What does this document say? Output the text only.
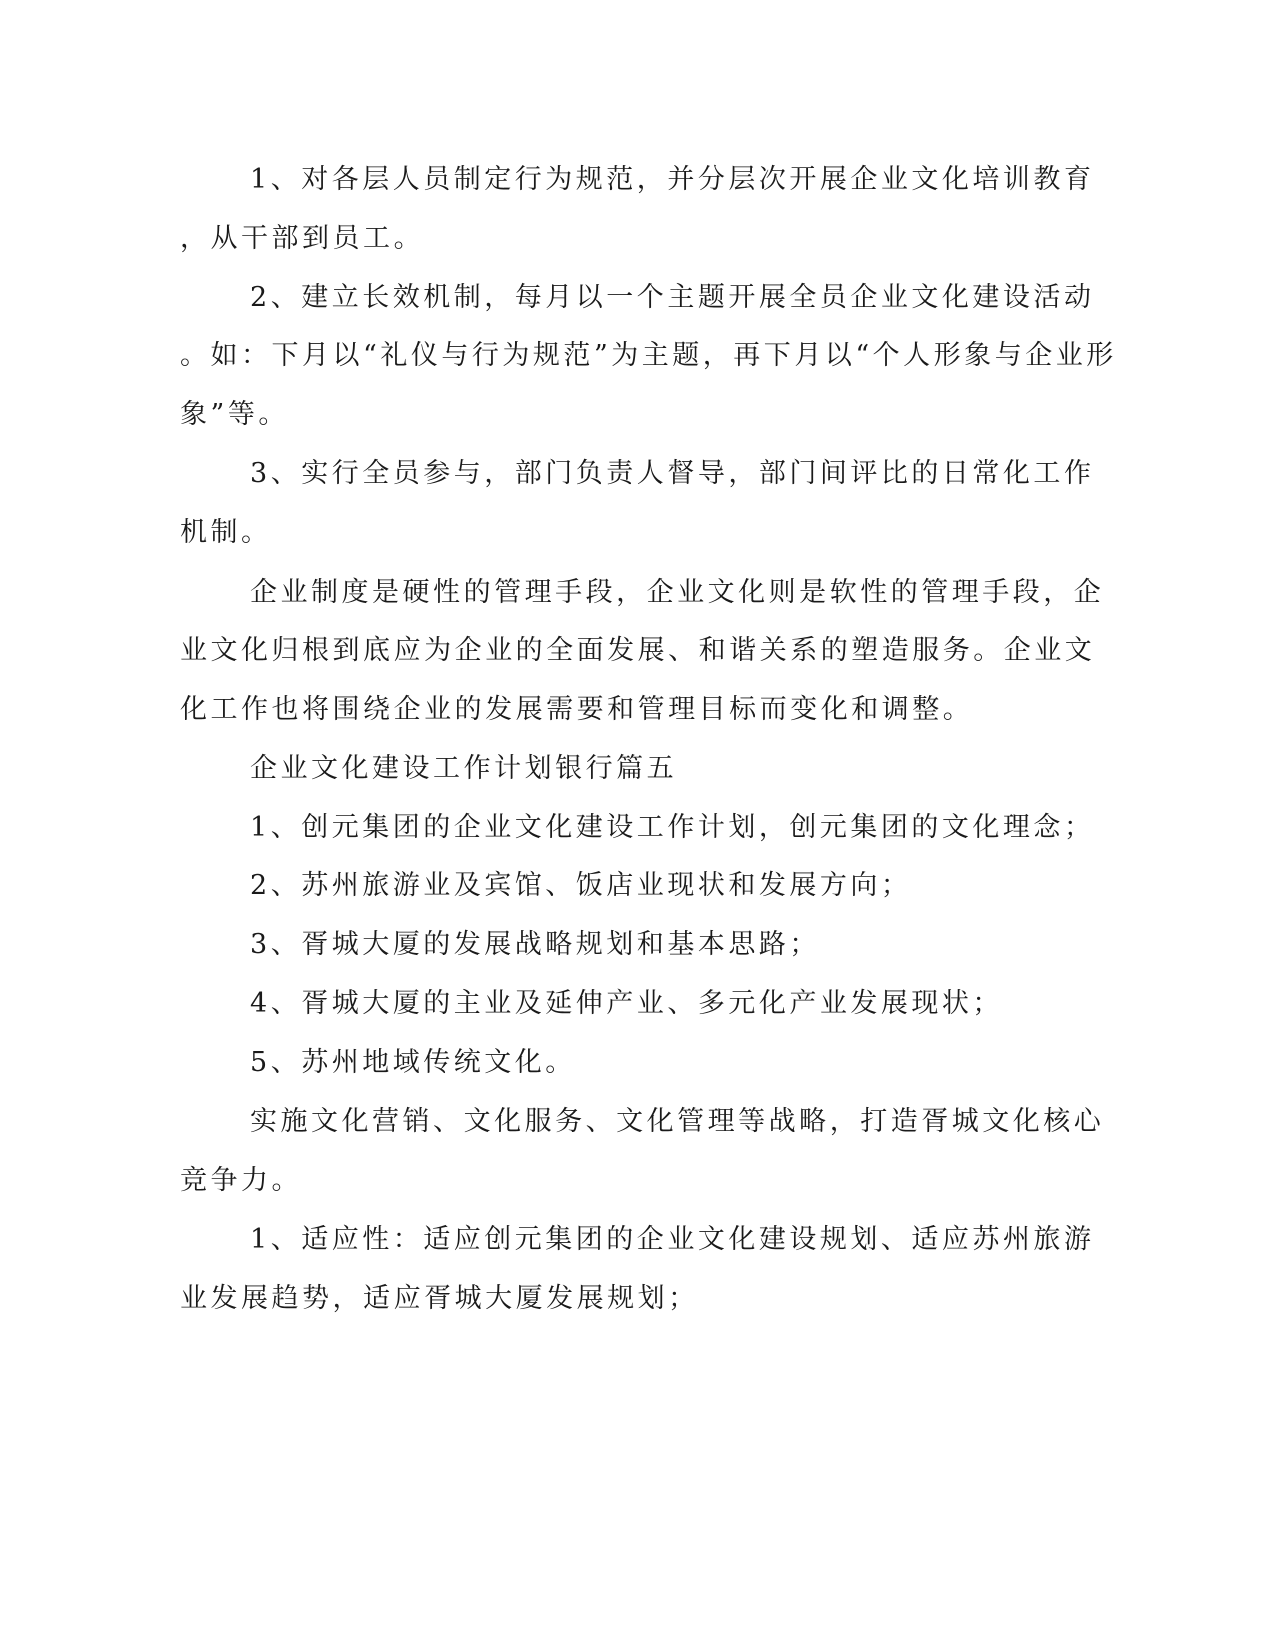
1、对各层人员制定行为规范，并分层次开展企业文化培训教育

，从干部到员工。

2、建立长效机制，每月以一个主题开展全员企业文化建设活动

。如：下月以“礼仪与行为规范”为主题，再下月以“个人形象与企业形

象”等。

3、实行全员参与，部门负责人督导，部门间评比的日常化工作

机制。

企业制度是硬性的管理手段，企业文化则是软性的管理手段，企

业文化归根到底应为企业的全面发展、和谐关系的塑造服务。企业文

化工作也将围绕企业的发展需要和管理目标而变化和调整。

企业文化建设工作计划银行篇五

1、创元集团的企业文化建设工作计划，创元集团的文化理念；

2、苏州旅游业及宾馆、饭店业现状和发展方向；

3、胥城大厦的发展战略规划和基本思路；

4、胥城大厦的主业及延伸产业、多元化产业发展现状；

5、苏州地域传统文化。

实施文化营销、文化服务、文化管理等战略，打造胥城文化核心

竞争力。

1、适应性：适应创元集团的企业文化建设规划、适应苏州旅游

业发展趋势，适应胥城大厦发展规划；
